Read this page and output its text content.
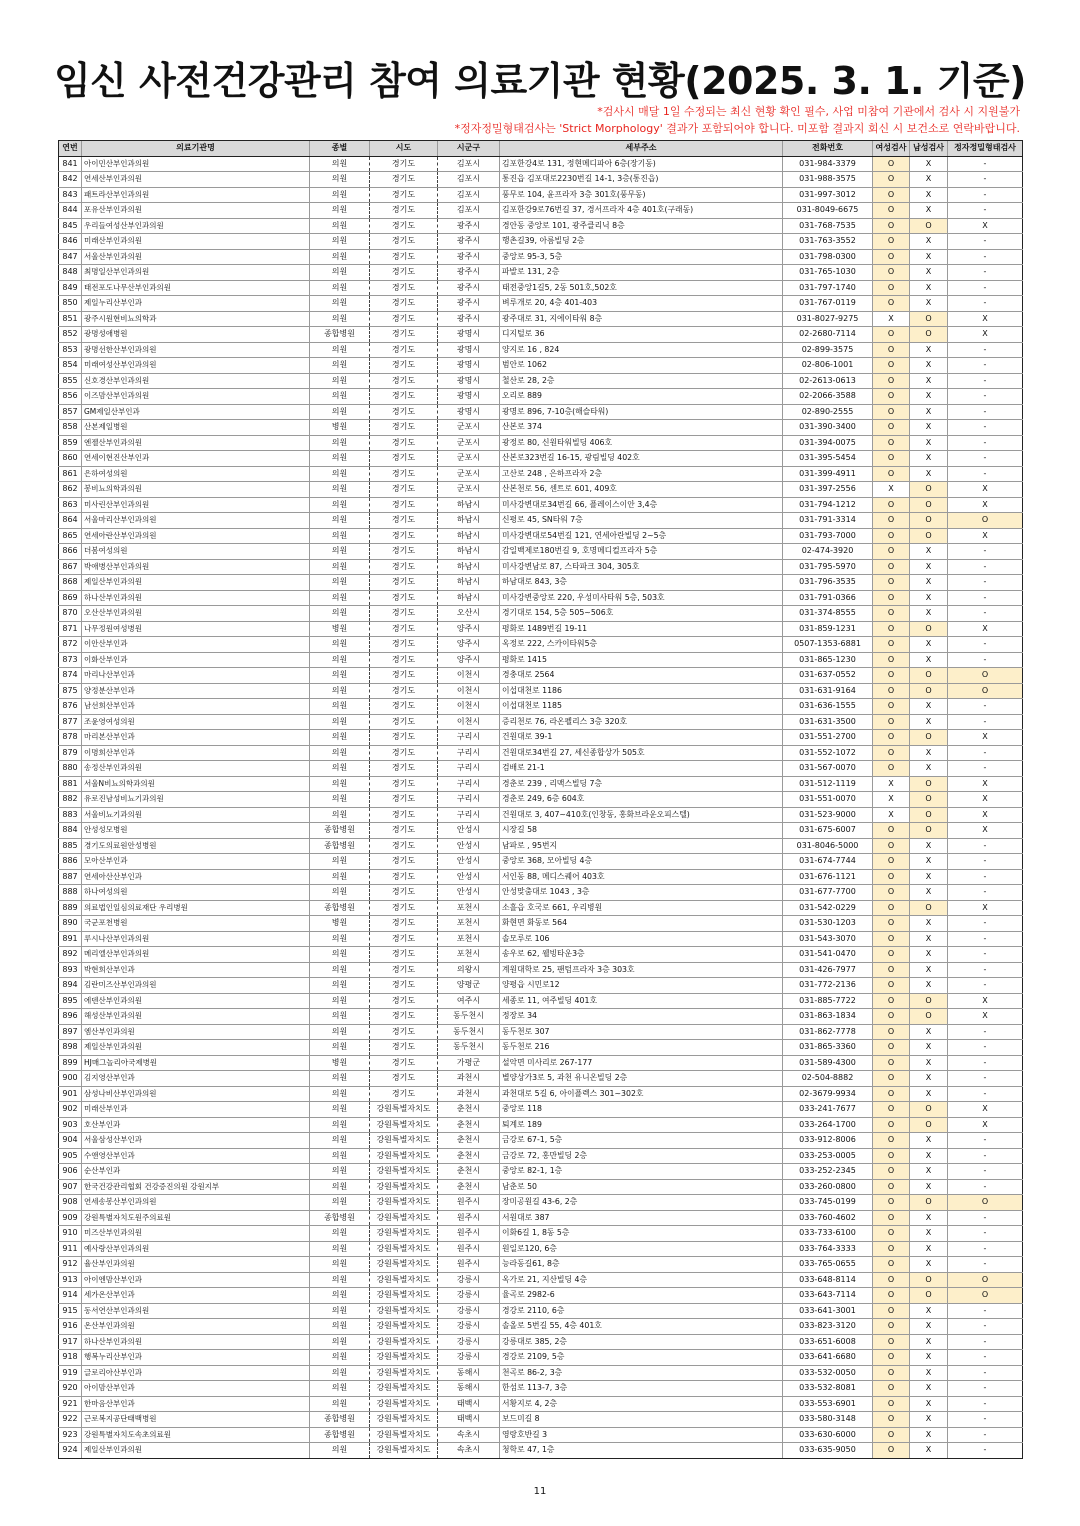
임신 사전건강관리 참여 의료기관 현황(2025. 3. 1. 기준)
*검사시 매달 1일 수정되는 최신 현황 확인 필수, 사업 미참여 기관에서 검사 시 지원불가
*정자정밀형태검사는 'Strict Morphology' 결과가 포함되어야 합니다. 미포함 결과지 회신 시 보건소로 연락바랍니다.
연번	의료기관명	종별	시도	시군구	세부주소	전화번호	여성검사	남성검사	정자정밀형태검사
841	아이민산부인과의원	의원	경기도	김포시	김포한강4로 131, 정현메디파아 6층(장기동)	031-984-3379	O	X	-
842	연세산부인과의원	의원	경기도	김포시	통진읍 김포대로2230번길 14-1, 3층(통진읍)	031-988-3575	O	X	-
843	패트라산부인과의원	의원	경기도	김포시	풍무로 104, 윤프라자 3층 301호(풍무동)	031-997-3012	O	X	-
844	포유산부인과의원	의원	경기도	김포시	김포한강9로76번길 37, 경서프라자 4층 401호(구래동)	031-8049-6675	O	X	-
845	우리들여성산부인과의원	의원	경기도	광주시	경안동 중앙로 101, 광주클리닉 8층	031-768-7535	O	O	X
846	미래산부인과의원	의원	경기도	광주시	행촌길39, 아름빌딩 2층	031-763-3552	O	X	-
847	서울산부인과의원	의원	경기도	광주시	중앙로 95-3, 5층	031-798-0300	O	X	-
848	최명일산부인과의원	의원	경기도	광주시	파발로 131, 2층	031-765-1030	O	X	-
849	태전포도나무산부인과의원	의원	경기도	광주시	태전중앙1길5, 2동 501호,502호	031-797-1740	O	X	-
850	제일누리산부인과	의원	경기도	광주시	벼루개로 20, 4층 401-403	031-767-0119	O	X	-
851	광주시원현비뇨의학과	의원	경기도	광주시	광주대로 31, 지에이타워 8층	031-8027-9275	X	O	X
852	광명성애병원	종합병원	경기도	광명시	디지털로 36	02-2680-7114	O	O	X
853	광명선한산부인과의원	의원	경기도	광명시	양지로 16 , 824	02-899-3575	O	X	-
854	미래여성산부인과의원	의원	경기도	광명시	범안로 1062	02-806-1001	O	X	-
855	신호경산부인과의원	의원	경기도	광명시	철산로 28, 2층	02-2613-0613	O	X	-
856	이즈맘산부인과의원	의원	경기도	광명시	오리로 889	02-2066-3588	O	X	-
857	GM제일산부인과	의원	경기도	광명시	광명로 896, 7-10층(해슬타워)	02-890-2555	O	X	-
858	산본제일병원	병원	경기도	군포시	산본로 374	031-390-3400	O	X	-
859	엔젤산부인과의원	의원	경기도	군포시	광정로 80, 신원타워빌딩 406호	031-394-0075	O	X	-
860	연세이현진산부인과	의원	경기도	군포시	산본로323번길 16-15, 광림빌딩 402호	031-395-5454	O	X	-
861	은하여성의원	의원	경기도	군포시	고산로 248 , 은하프라자 2층	031-399-4911	O	X	-
862	봉비뇨의학과의원	의원	경기도	군포시	산본천로 56, 센트로 601, 409호	031-397-2556	X	O	X
863	미사린산부인과의원	의원	경기도	하남시	미사강변대로34번길 66, 플레이스이안 3,4층	031-794-1212	O	O	X
864	서울마리산부인과의원	의원	경기도	하남시	신평로 45, SN타워 7층	031-791-3314	O	O	O
865	연세아란산부인과의원	의원	경기도	하남시	미사강변대로54번길 121, 연세아란빌딩 2~5층	031-793-7000	O	O	X
866	더봄여성의원	의원	경기도	하남시	감일백제로180번길 9, 호명메디컬프라자 5층	02-474-3920	O	X	-
867	박애병산부인과의원	의원	경기도	하남시	미사강변남로 87, 스타파크 304, 305호	031-795-5970	O	X	-
868	제일산부인과의원	의원	경기도	하남시	하남대로 843, 3층	031-796-3535	O	X	-
869	하나산부인과의원	의원	경기도	하남시	미사강변중앙로 220, 우성미사타워 5층, 503호	031-791-0366	O	X	-
870	오산산부인과의원	의원	경기도	오산시	경기대로 154, 5층 505~506호	031-374-8555	O	X	-
871	나무정원여성병원	병원	경기도	양주시	평화로 1489번길 19-11	031-859-1231	O	O	X
872	이안산부인과	의원	경기도	양주시	옥정로 222, 스카이타워5층	0507-1353-6881	O	X	-
873	이화산부인과	의원	경기도	양주시	평화로 1415	031-865-1230	O	X	-
874	마리나산부인과	의원	경기도	이천시	경충대로 2564	031-637-0552	O	O	O
875	양정분산부인과	의원	경기도	이천시	이섭대천로 1186	031-631-9164	O	O	O
876	남선희산부인과	의원	경기도	이천시	이섭대천로 1185	031-636-1555	O	X	-
877	조윤영여성의원	의원	경기도	이천시	증리천로 76, 라온펠리스 3층 320호	031-631-3500	O	X	-
878	마리본산부인과	의원	경기도	구리시	건원대로 39-1	031-551-2700	O	O	X
879	이명희산부인과	의원	경기도	구리시	건원대로34번길 27, 세신종합상가 505호	031-552-1072	O	X	-
880	송정산부인과의원	의원	경기도	구리시	검배로 21-1	031-567-0070	O	X	-
881	서울N비뇨의학과의원	의원	경기도	구리시	경춘로 239 , 리맥스빌딩 7층	031-512-1119	X	O	X
882	유로진남성비뇨기과의원	의원	경기도	구리시	경춘로 249, 6층 604호	031-551-0070	X	O	X
883	서울비뇨기과의원	의원	경기도	구리시	건원대로 3, 407~410호(인창동, 홍화브라운오피스텔)	031-523-9000	X	O	X
884	안성성모병원	종합병원	경기도	안성시	시장길 58	031-675-6007	O	O	X
885	경기도의료원안성병원	종합병원	경기도	안성시	남파로 , 95번지	031-8046-5000	O	X	-
886	모아산부인과	의원	경기도	안성시	중앙로 368, 모아빌딩 4층	031-674-7744	O	X	-
887	연세아산산부인과	의원	경기도	안성시	서인동 88, 메디스퀘어 403호	031-676-1121	O	X	-
888	하나여성의원	의원	경기도	안성시	안성맞춤대로 1043 , 3층	031-677-7700	O	X	-
889	의료법인일심의료재단 우리병원	종합병원	경기도	포천시	소흘읍 호국로 661, 우리병원	031-542-0229	O	O	X
890	국군포천병원	병원	경기도	포천시	화현면 화동로 564	031-530-1203	O	X	-
891	루시나산부인과의원	의원	경기도	포천시	솔모루로 106	031-543-3070	O	X	-
892	메리엘산부인과의원	의원	경기도	포천시	송우로 62, 웰빙타운3층	031-541-0470	O	X	-
893	박현희산부인과	의원	경기도	의왕시	계원대학로 25, 팬텀프라자 3층 303호	031-426-7977	O	X	-
894	김란미즈산부인과의원	의원	경기도	양평군	양평읍 시민로12	031-772-2136	O	X	-
895	에덴산부인과의원	의원	경기도	여주시	세종로 11, 여주빌딩 401호	031-885-7722	O	O	X
896	해성산부인과의원	의원	경기도	동두천시	정장로 34	031-863-1834	O	O	X
897	엠산부인과의원	의원	경기도	동두천시	동두천로 307	031-862-7778	O	X	-
898	제일산부인과의원	의원	경기도	동두천시	동두천로 216	031-865-3360	O	X	-
899	HJ매그놀리아국제병원	병원	경기도	가평군	설악면 미사리로 267-177	031-589-4300	O	X	-
900	김지영산부인과	의원	경기도	과천시	별양상가3로 5, 과천 유니온빌딩 2층	02-504-8882	O	X	-
901	삼성나비산부인과의원	의원	경기도	과천시	과천대로 5길 6, 아이플렉스 301~302호	02-3679-9934	O	X	-
902	미래산부인과	의원	강원특별자치도	춘천시	중앙로 118	033-241-7677	O	O	X
903	호산부인과	의원	강원특별자치도	춘천시	퇴계로 189	033-264-1700	O	O	X
904	서울삼성산부인과	의원	강원특별자치도	춘천시	금강로 67-1, 5층	033-912-8006	O	X	-
905	수앤영산부인과	의원	강원특별자치도	춘천시	금강로 72, 홍만빌딩 2층	033-253-0005	O	X	-
906	순산부인과	의원	강원특별자치도	춘천시	중앙로 82-1, 1층	033-252-2345	O	X	-
907	한국건강관리협회 건강증진의원 강원지부	의원	강원특별자치도	춘천시	남춘로 50	033-260-0800	O	X	-
908	연세송봉산부인과의원	의원	강원특별자치도	원주시	장미공원길 43-6, 2층	033-745-0199	O	O	O
909	강원특별자치도원주의료원	종합병원	강원특별자치도	원주시	서원대로 387	033-760-4602	O	X	-
910	미즈산부인과의원	의원	강원특별자치도	원주시	이화6길 1, 8동 5층	033-733-6100	O	X	-
911	예사랑산부인과의원	의원	강원특별자치도	원주시	원일로120, 6층	033-764-3333	O	X	-
912	율산부인과의원	의원	강원특별자치도	원주시	능라동길61, 8층	033-765-0655	O	X	-
913	아이엔맘산부인과	의원	강원특별자치도	강릉시	옥가로 21, 지산빌딩 4층	033-648-8114	O	O	O
914	세가온산부인과	의원	강원특별자치도	강릉시	율곡로 2982-6	033-643-7114	O	O	O
915	동서연산부인과의원	의원	강원특별자치도	강릉시	경강로 2110, 6층	033-641-3001	O	X	-
916	온산부인과의원	의원	강원특별자치도	강릉시	솔올로 5번길 55, 4층 401호	033-823-3120	O	X	-
917	하나산부인과의원	의원	강원특별자치도	강릉시	강릉대로 385, 2층	033-651-6008	O	X	-
918	행복누리산부인과	의원	강원특별자치도	강릉시	경강로 2109, 5층	033-641-6680	O	X	-
919	글로리아산부인과	의원	강원특별자치도	동해시	천곡로 86-2, 3층	033-532-0050	O	X	-
920	아이맘산부인과	의원	강원특별자치도	동해시	한섬로 113-7, 3층	033-532-8081	O	X	-
921	한마음산부인과	의원	강원특별자치도	태백시	서황지로 4, 2층	033-553-6901	O	X	-
922	근로복지공단태백병원	종합병원	강원특별자치도	태백시	보드미길 8	033-580-3148	O	X	-
923	강원특별자치도속초의료원	종합병원	강원특별자치도	속초시	영랑호반길 3	033-630-6000	O	X	-
924	제일산부인과의원	의원	강원특별자치도	속초시	청학로 47, 1층	033-635-9050	O	X	-
11
